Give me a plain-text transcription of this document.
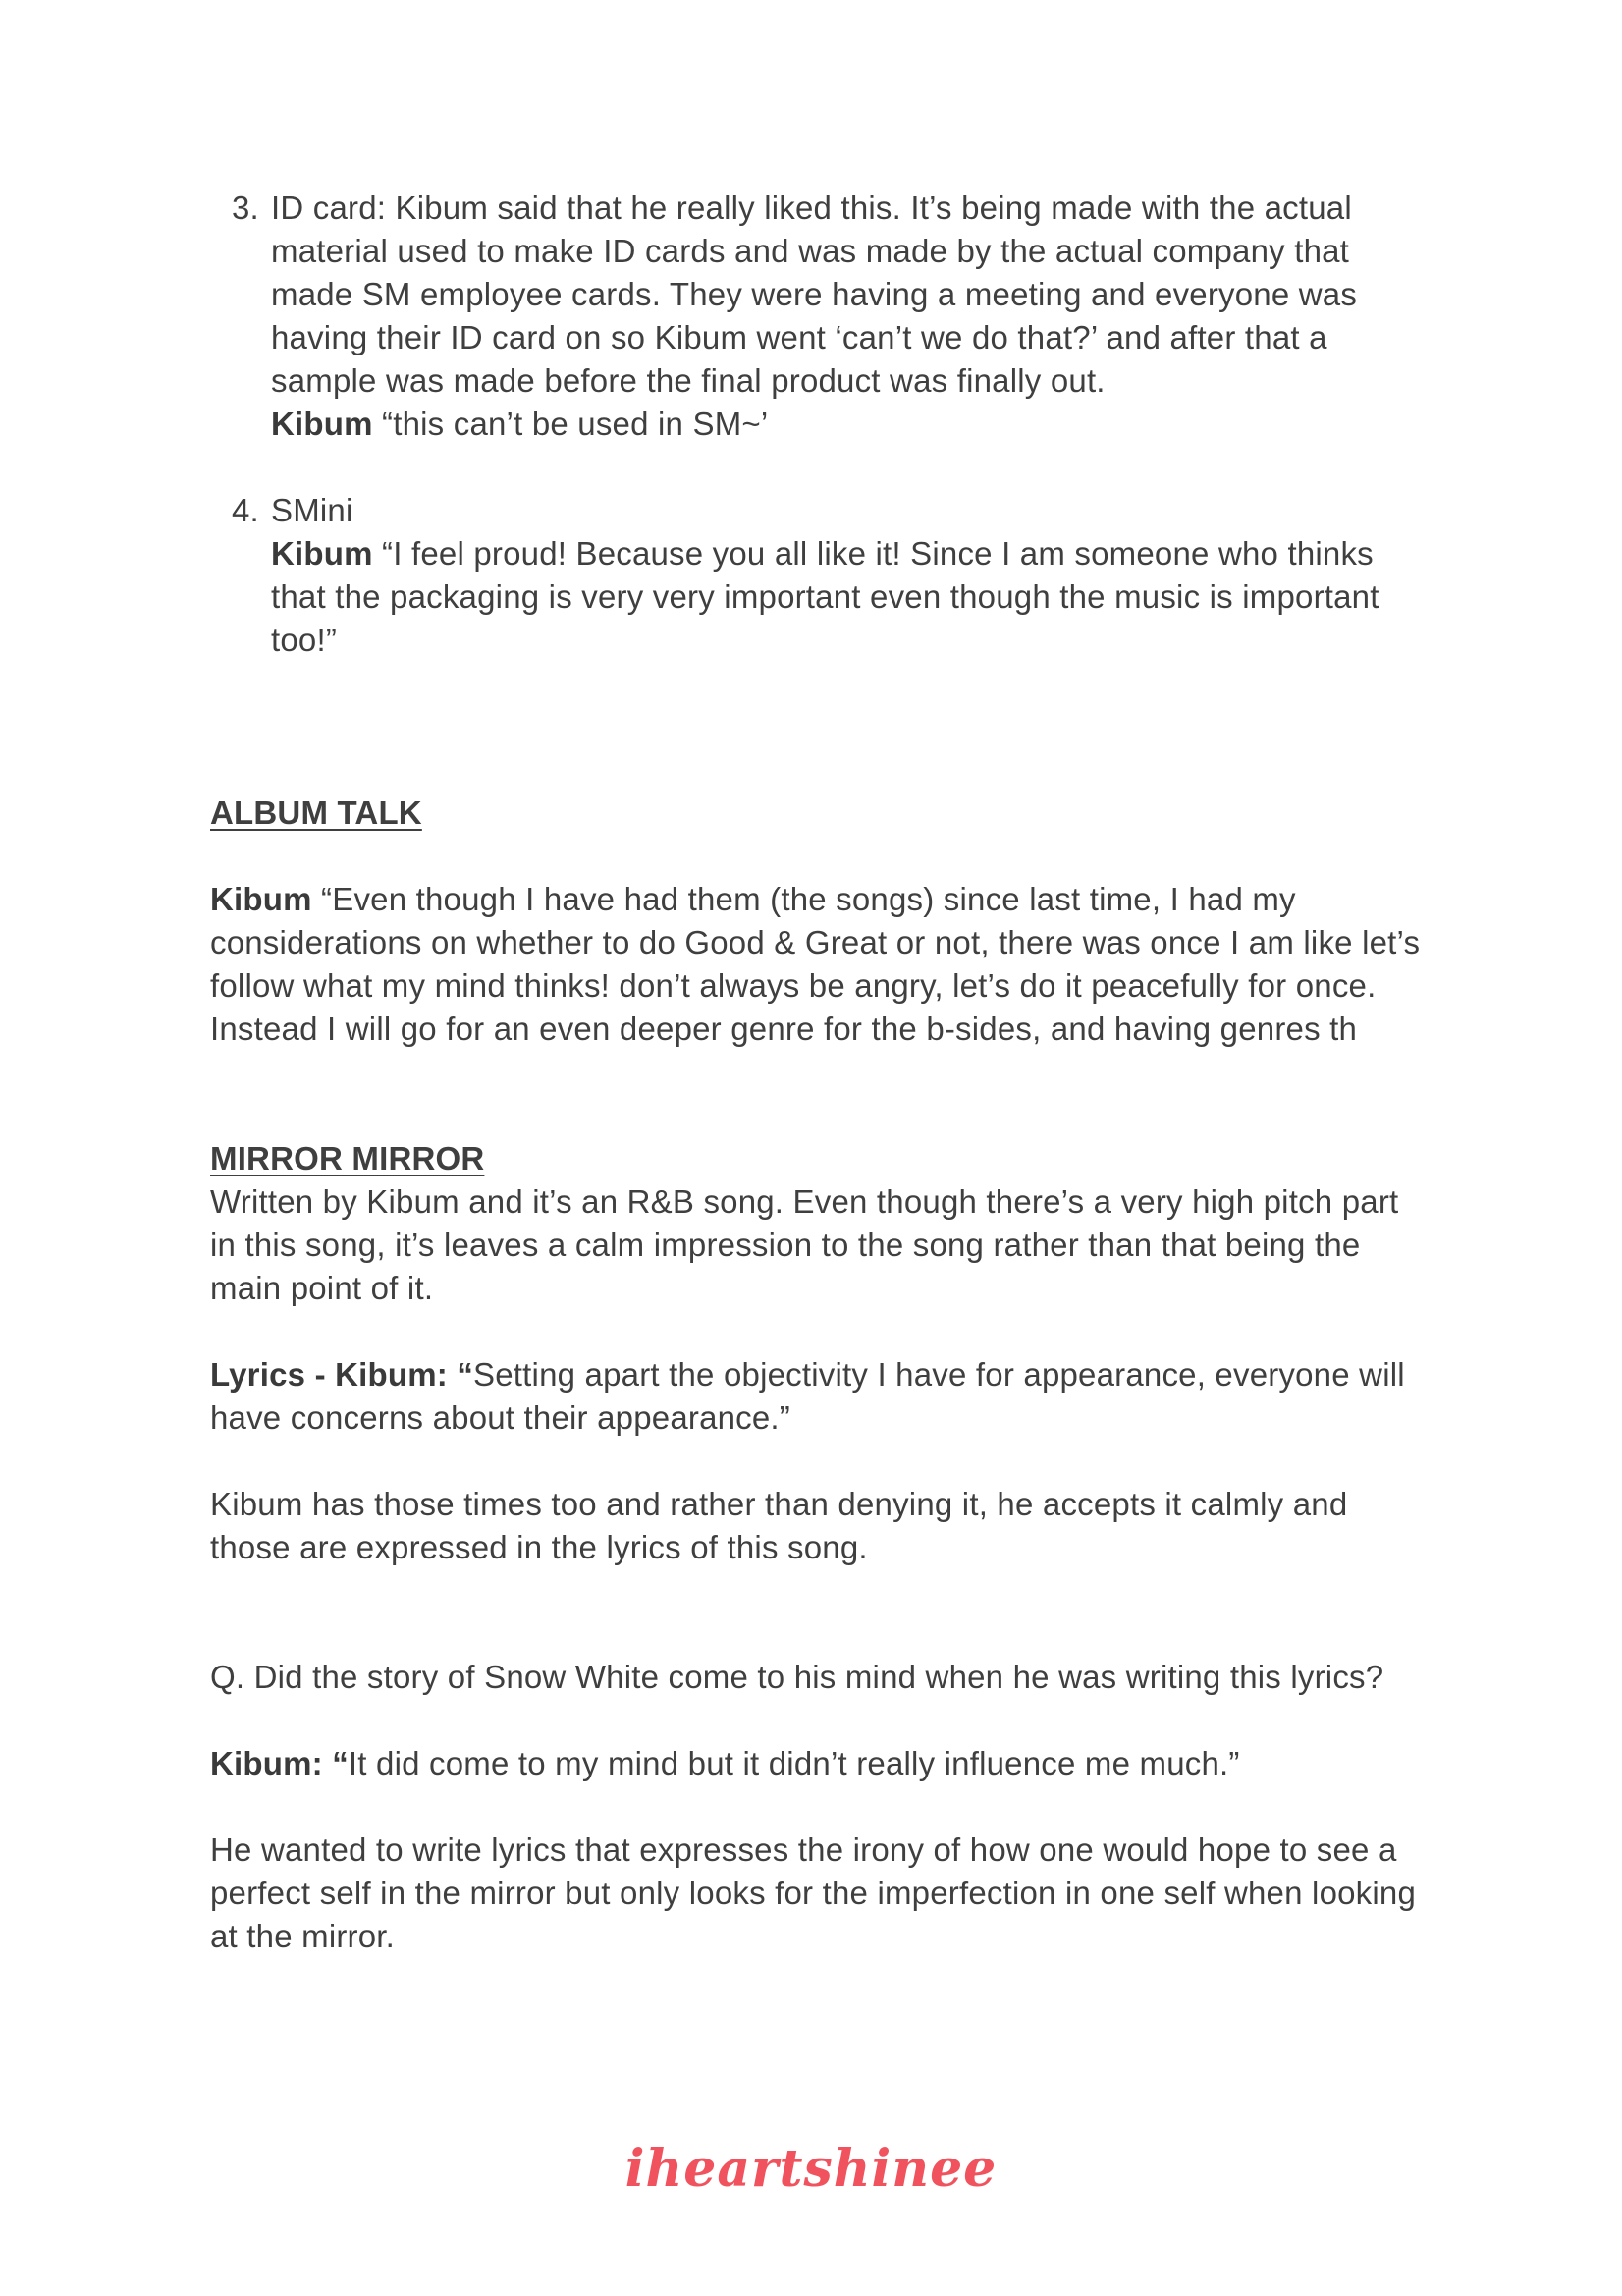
3. ID card: Kibum said that he really liked this. It’s being made with the actual material used to make ID cards and was made by the actual company that made SM employee cards. They were having a meeting and everyone was having their ID card on so Kibum went ‘can’t we do that?’ and after that a sample was made before the final product was finally out.

Kibum “this can’t be used in SM~’

4. SMini

Kibum “I feel proud! Because you all like it! Since I am someone who thinks that the packaging is very very important even though the music is important too!”

ALBUM TALK

Kibum “Even though I have had them (the songs) since last time, I had my considerations on whether to do Good & Great or not, there was once I am like let’s follow what my mind thinks! don’t always be angry, let’s do it peacefully for once. Instead I will go for an even deeper genre for the b-sides, and having genres th

MIRROR MIRROR

Written by Kibum and it’s an R&B song. Even though there’s a very high pitch part in this song, it’s leaves a calm impression to the song rather than that being the main point of it.

Lyrics - Kibum: “Setting apart the objectivity I have for appearance, everyone will have concerns about their appearance.”

Kibum has those times too and rather than denying it, he accepts it calmly and those are expressed in the lyrics of this song.

Q. Did the story of Snow White come to his mind when he was writing this lyrics?

Kibum: “It did come to my mind but it didn’t really influence me much.”

He wanted to write lyrics that expresses the irony of how one would hope to see a perfect self in the mirror but only looks for the imperfection in one self when looking at the mirror.

iheartshinee
